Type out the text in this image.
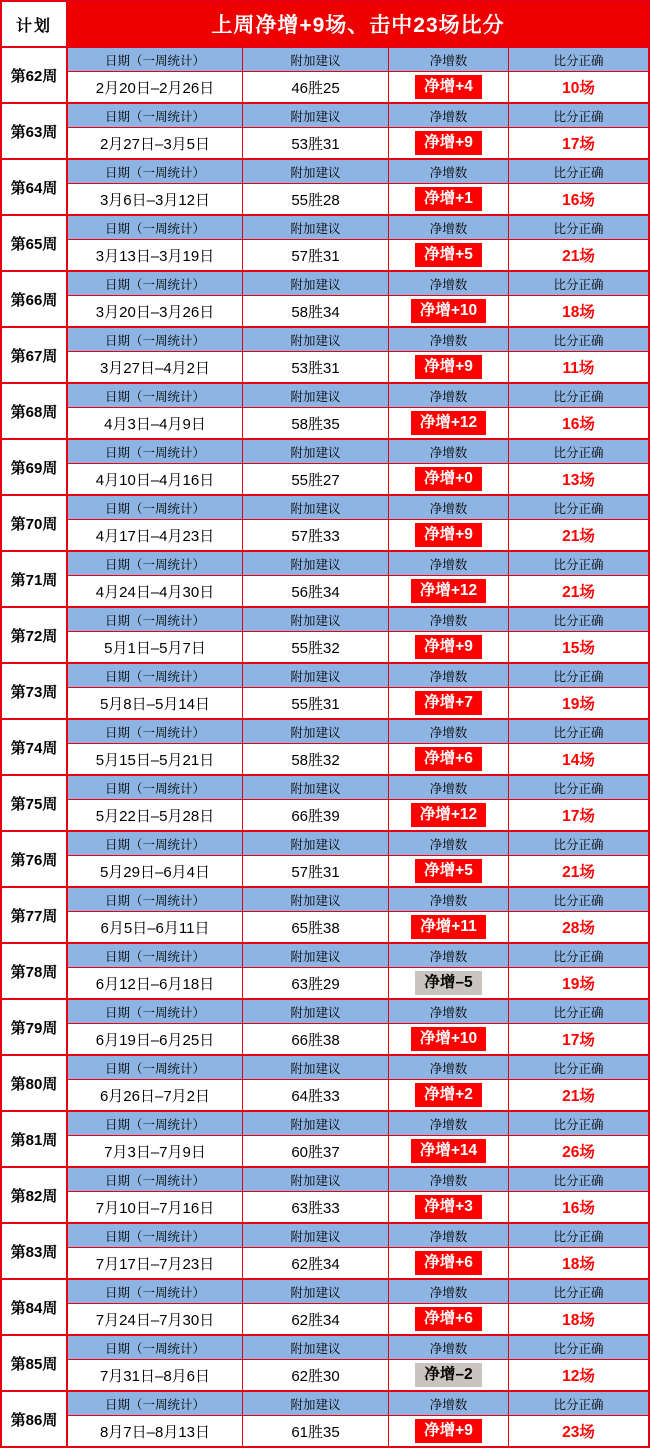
计划	上周净增+9场、击中23场比分
第62周
日期（一周统计）	附加建议	净增数	比分正确
2月20日–2月26日	46胜25	净增+4	10场
第63周
日期（一周统计）	附加建议	净增数	比分正确
2月27日–3月5日	53胜31	净增+9	17场
第64周
日期（一周统计）	附加建议	净增数	比分正确
3月6日–3月12日	55胜28	净增+1	16场
第65周
日期（一周统计）	附加建议	净增数	比分正确
3月13日–3月19日	57胜31	净增+5	21场
第66周
日期（一周统计）	附加建议	净增数	比分正确
3月20日–3月26日	58胜34	净增+10	18场
第67周
日期（一周统计）	附加建议	净增数	比分正确
3月27日–4月2日	53胜31	净增+9	11场
第68周
日期（一周统计）	附加建议	净增数	比分正确
4月3日–4月9日	58胜35	净增+12	16场
第69周
日期（一周统计）	附加建议	净增数	比分正确
4月10日–4月16日	55胜27	净增+0	13场
第70周
日期（一周统计）	附加建议	净增数	比分正确
4月17日–4月23日	57胜33	净增+9	21场
第71周
日期（一周统计）	附加建议	净增数	比分正确
4月24日–4月30日	56胜34	净增+12	21场
第72周
日期（一周统计）	附加建议	净增数	比分正确
5月1日–5月7日	55胜32	净增+9	15场
第73周
日期（一周统计）	附加建议	净增数	比分正确
5月8日–5月14日	55胜31	净增+7	19场
第74周
日期（一周统计）	附加建议	净增数	比分正确
5月15日–5月21日	58胜32	净增+6	14场
第75周
日期（一周统计）	附加建议	净增数	比分正确
5月22日–5月28日	66胜39	净增+12	17场
第76周
日期（一周统计）	附加建议	净增数	比分正确
5月29日–6月4日	57胜31	净增+5	21场
第77周
日期（一周统计）	附加建议	净增数	比分正确
6月5日–6月11日	65胜38	净增+11	28场
第78周
日期（一周统计）	附加建议	净增数	比分正确
6月12日–6月18日	63胜29	净增–5	19场
第79周
日期（一周统计）	附加建议	净增数	比分正确
6月19日–6月25日	66胜38	净增+10	17场
第80周
日期（一周统计）	附加建议	净增数	比分正确
6月26日–7月2日	64胜33	净增+2	21场
第81周
日期（一周统计）	附加建议	净增数	比分正确
7月3日–7月9日	60胜37	净增+14	26场
第82周
日期（一周统计）	附加建议	净增数	比分正确
7月10日–7月16日	63胜33	净增+3	16场
第83周
日期（一周统计）	附加建议	净增数	比分正确
7月17日–7月23日	62胜34	净增+6	18场
第84周
日期（一周统计）	附加建议	净增数	比分正确
7月24日–7月30日	62胜34	净增+6	18场
第85周
日期（一周统计）	附加建议	净增数	比分正确
7月31日–8月6日	62胜30	净增–2	12场
第86周
日期（一周统计）	附加建议	净增数	比分正确
8月7日–8月13日	61胜35	净增+9	23场
